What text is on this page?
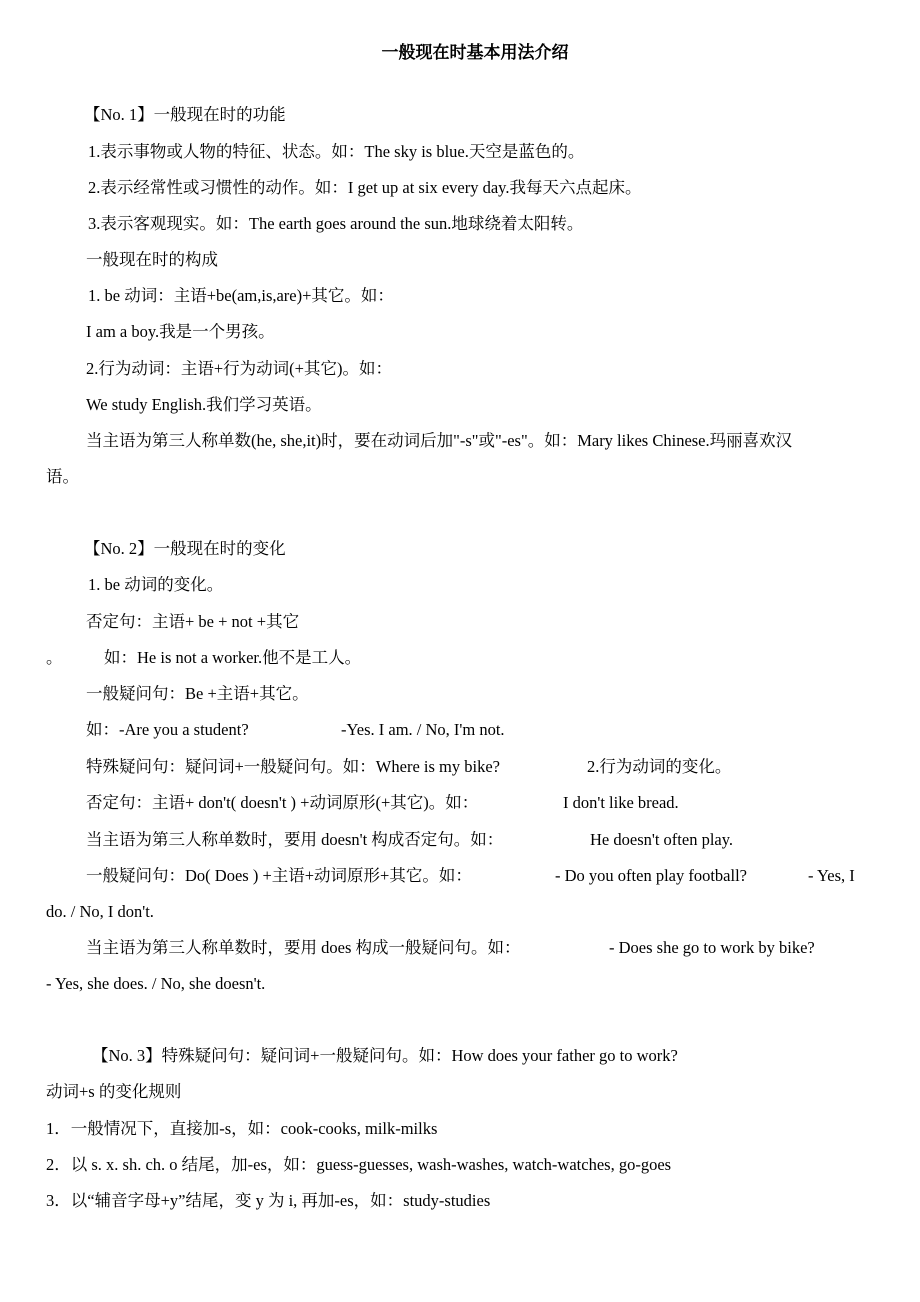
一般现在时基本用法介绍
【No. 1】一般现在时的功能
1.表示事物或人物的特征、状态。如：The sky is blue.天空是蓝色的。
2.表示经常性或习惯性的动作。如：I get up at six every day.我每天六点起床。
3.表示客观现实。如：The earth goes around the sun.地球绕着太阳转。
一般现在时的构成
1. be 动词：主语+be(am,is,are)+其它。如：
I am a boy.我是一个男孩。
2.行为动词：主语+行为动词(+其它)。如：
We study English.我们学习英语。
当主语为第三人称单数(he, she,it)时，要在动词后加"-s"或"-es"。如：Mary likes Chinese.玛丽喜欢汉
语。
【No. 2】一般现在时的变化
1. be 动词的变化。
否定句：主语+ be + not +其它
。	如：He is not a worker.他不是工人。
一般疑问句：Be +主语+其它。
如：-Are you a student?	-Yes. I am. / No, I'm not.
特殊疑问句：疑问词+一般疑问句。如：Where is my bike?	2.行为动词的变化。
否定句：主语+ don't( doesn't ) +动词原形(+其它)。如：	I don't like bread.
当主语为第三人称单数时，要用 doesn't 构成否定句。如：	He doesn't often play.
一般疑问句：Do( Does ) +主语+动词原形+其它。如：	- Do you often play football?	- Yes, I
do. / No, I don't.
当主语为第三人称单数时，要用 does 构成一般疑问句。如：	- Does she go to work by bike?
- Yes, she does. / No, she doesn't.
【No. 3】特殊疑问句：疑问词+一般疑问句。如：How does your father go to work?
动词+s 的变化规则
1．一般情况下，直接加-s，如：cook-cooks, milk-milks
2．以 s. x. sh. ch. o 结尾，加-es，如：guess-guesses, wash-washes, watch-watches, go-goes
3．以“辅音字母+y”结尾，变 y 为 i, 再加-es，如：study-studies
